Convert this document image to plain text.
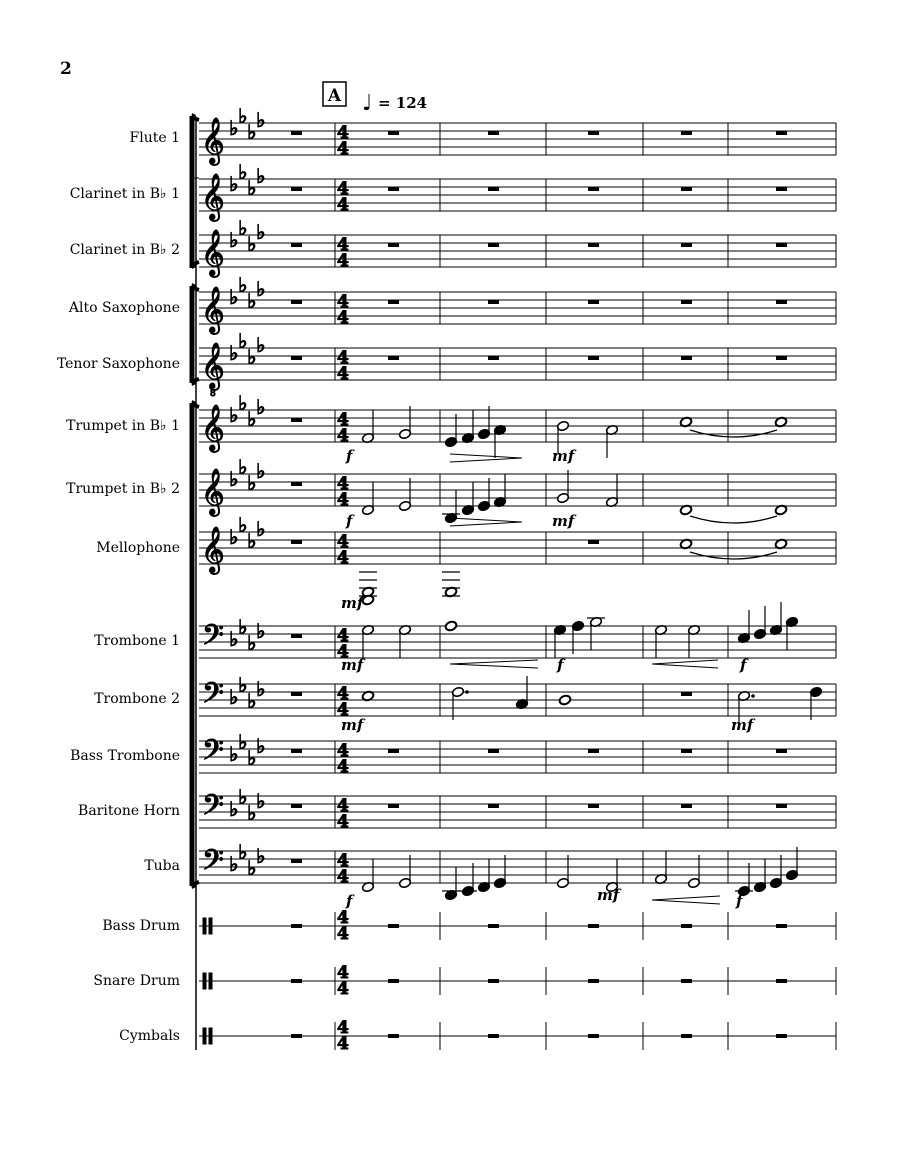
2
A ♩ = 124
Flute 1
Clarinet in B♭ 1
Clarinet in B♭ 2
Alto Saxophone
Tenor Saxophone
Trumpet in B♭ 1
Trumpet in B♭ 2
Mellophone
Trombone 1
Trombone 2
Bass Trombone
Baritone Horn
Tuba
Bass Drum
Snare Drum
Cymbals
𝄞 ♭ ♭
♭ ♭
4
4
𝄞 ♭ ♭
♭ ♭
4
4
𝄞 ♭ ♭
♭ ♭
4
4
𝄞 ♭ ♭
♭ ♭
4
4
𝄞
8
♭ ♭
♭ ♭
4
4
𝄞 ♭ ♭
♭ ♭
4
4
𝄞 ♭ ♭
♭ ♭
4
4
𝄞 ♭ ♭
♭ ♭
4
4
𝄢 ♭ ♭
♭ ♭	4
4
𝄢 ♭ ♭
♭ ♭	4
4
𝄢 ♭ ♭
♭ ♭	4
4
𝄢 ♭ ♭
♭ ♭	4
4
𝄢 ♭ ♭
♭ ♭	4
4
4
4
4
4
4
4
f	mf
f	mf
mf
mf	f	f
mf	mf
f	mf	f
